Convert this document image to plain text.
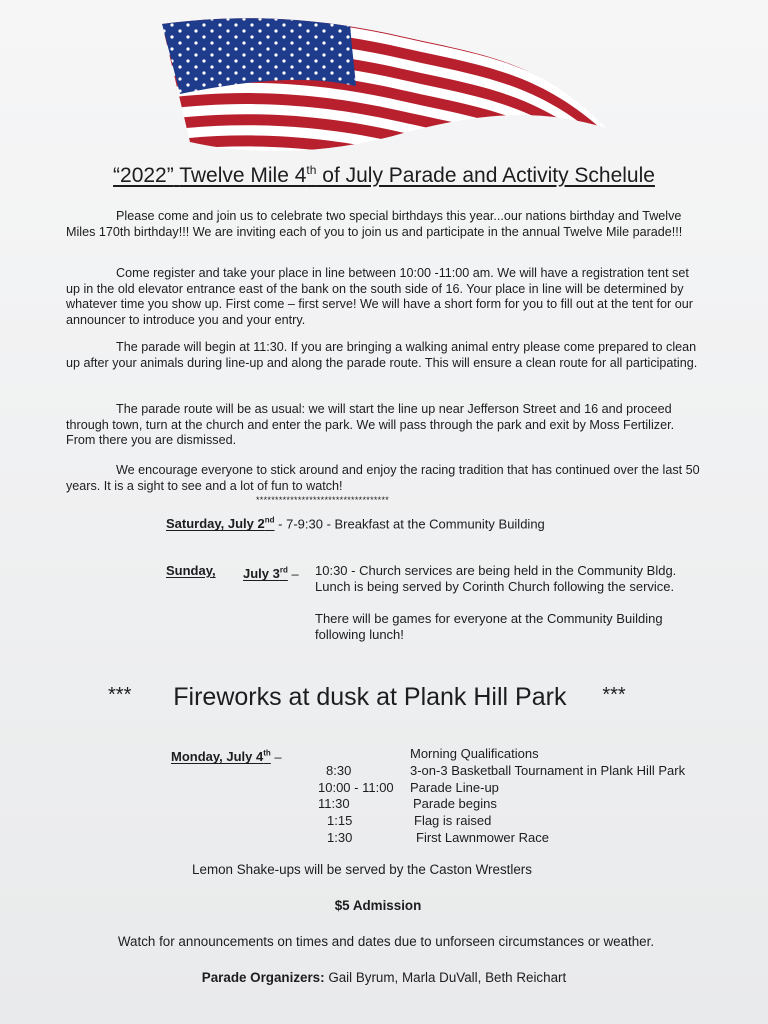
“2022” Twelve Mile 4th of July Parade and Activity Schelule

Please come and join us to celebrate two special birthdays this year...our nations birthday and Twelve Miles 170th birthday!!! We are inviting each of you to join us and participate in the annual Twelve Mile parade!!!

Come register and take your place in line between 10:00 -11:00 am. We will have a registration tent set up in the old elevator entrance east of the bank on the south side of 16. Your place in line will be determined by whatever time you show up. First come – first serve! We will have a short form for you to fill out at the tent for our announcer to introduce you and your entry.

The parade will begin at 11:30. If you are bringing a walking animal entry please come prepared to clean up after your animals during line-up and along the parade route. This will ensure a clean route for all participating.

The parade route will be as usual: we will start the line up near Jefferson Street and 16 and proceed through town, turn at the church and enter the park. We will pass through the park and exit by Moss Fertilizer. From there you are dismissed.

We encourage everyone to stick around and enjoy the racing tradition that has continued over the last 50 years. It is a sight to see and a lot of fun to watch!

***********************************
Saturday, July 2nd - 7-9:30 - Breakfast at the Community Building
Sunday, July 3rd – 10:30 - Church services are being held in the Community Bldg.
Lunch is being served by Corinth Church following the service.
There will be games for everyone at the Community Building
following lunch!
*** Fireworks at dusk at Plank Hill Park ***
Monday, July 4th –	Morning Qualifications
8:30	3-on-3 Basketball Tournament in Plank Hill Park
10:00 - 11:00 Parade Line-up
11:30	Parade begins
1:15	Flag is raised
1:30	First Lawnmower Race
Lemon Shake-ups will be served by the Caston Wrestlers
$5 Admission
Watch for announcements on times and dates due to unforseen circumstances or weather.
Parade Organizers: Gail Byrum, Marla DuVall, Beth Reichart
